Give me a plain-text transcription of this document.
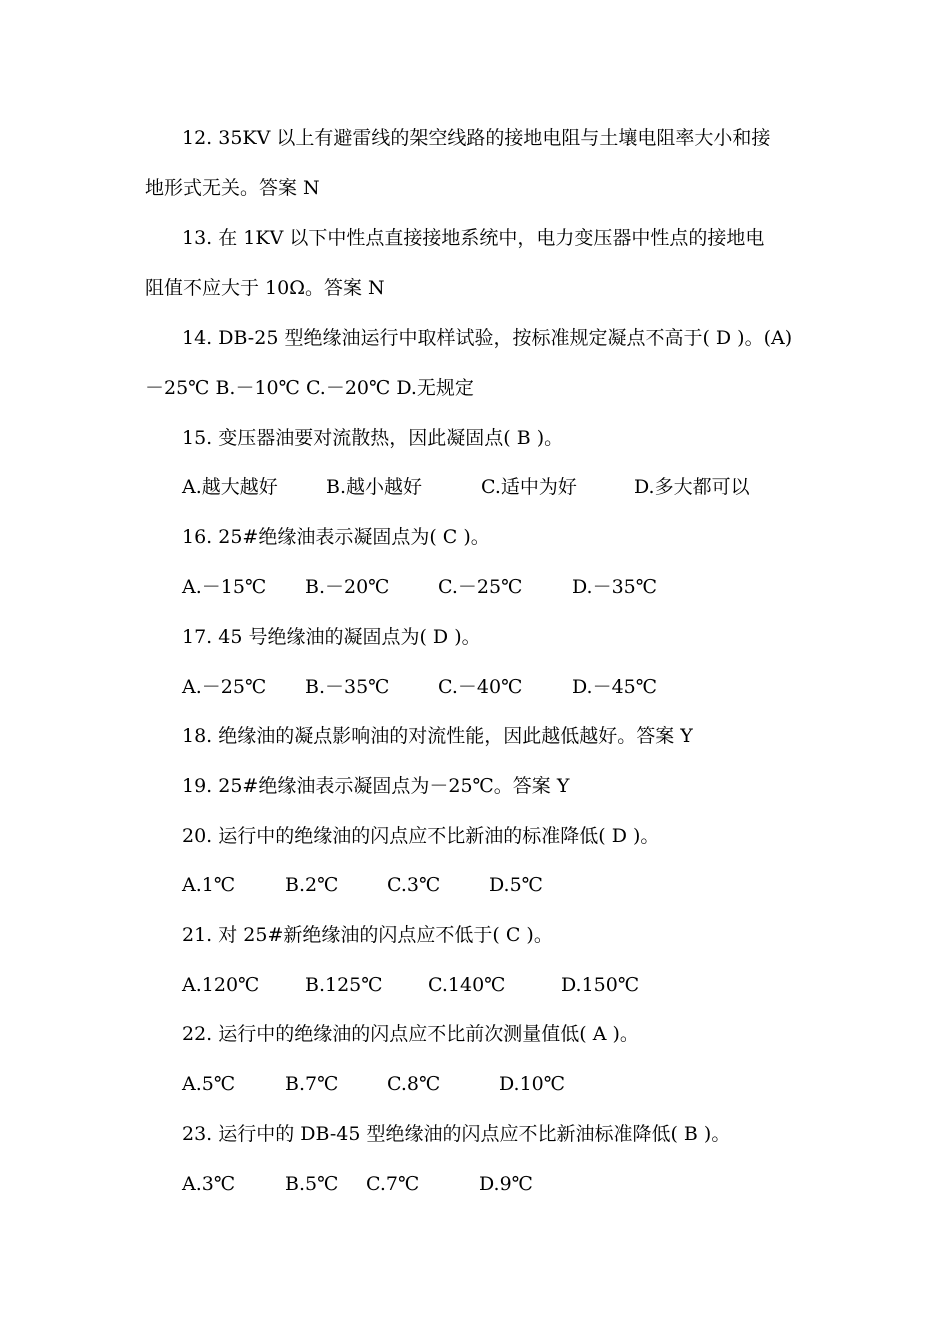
12. 35KV 以上有避雷线的架空线路的接地电阻与土壤电阻率大小和接
地形式无关。答案 N
13. 在 1KV 以下中性点直接接地系统中，电力变压器中性点的接地电
阻值不应大于 10Ω。答案 N
14. DB-25 型绝缘油运行中取样试验，按标准规定凝点不高于( D )。(A)
－25℃ B.－10℃ C.－20℃ D.无规定
15. 变压器油要对流散热，因此凝固点( B )。
A.越大越好	B.越小越好	C.适中为好	D.多大都可以
16. 25#绝缘油表示凝固点为( C )。
A.－15℃ B.－20℃	C.－25℃	D.－35℃
17. 45 号绝缘油的凝固点为( D )。
A.－25℃ B.－35℃	C.－40℃	D.－45℃
18. 绝缘油的凝点影响油的对流性能，因此越低越好。答案 Y
19. 25#绝缘油表示凝固点为－25℃。答案 Y
20. 运行中的绝缘油的闪点应不比新油的标准降低( D )。
A.1℃	B.2℃	C.3℃	D.5℃
21. 对 25#新绝缘油的闪点应不低于( C )。
A.120℃ B.125℃ C.140℃	D.150℃
22. 运行中的绝缘油的闪点应不比前次测量值低( A )。
A.5℃	B.7℃	C.8℃	D.10℃
23. 运行中的 DB-45 型绝缘油的闪点应不比新油标准降低( B )。
A.3℃	B.5℃ C.7℃	D.9℃
